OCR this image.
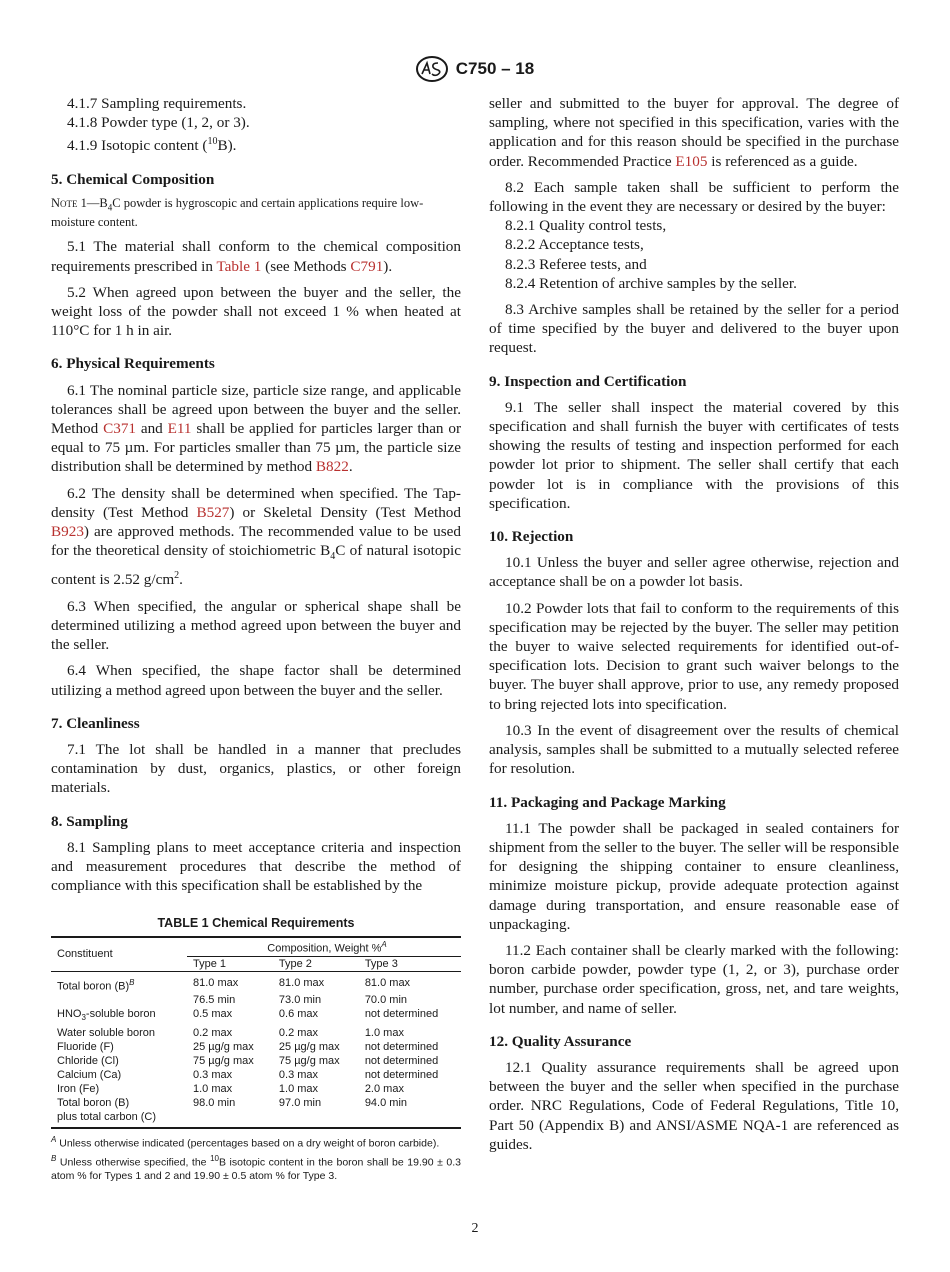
C750 – 18

4.1.7 Sampling requirements.

4.1.8 Powder type (1, 2, or 3).

4.1.9 Isotopic content ($^{10}$B).

5. Chemical Composition

Note $1—B_4C$ powder is hygroscopic and certain applications require low-moisture content.

5.1 The material shall conform to the chemical composition requirements prescribed in Table 1 (see Methods C791).

5.2 When agreed upon between the buyer and the seller, the weight loss of the powder shall not exceed 1 % when heated at 110°C for 1 h in air.

6. Physical Requirements

6.1 The nominal particle size, particle size range, and applicable tolerances shall be agreed upon between the buyer and the seller. Method C371 and E11 shall be applied for particles larger than or equal to 75 µm. For particles smaller than 75 µm, the particle size distribution shall be determined by method B822.

6.2 The density shall be determined when specified. The Tap-density (Test Method B527) or Skeletal Density (Test Method B923) are approved methods. The recommended value to be used for the theoretical density of stoichiometric $B_4C$ of natural isotopic content is 2.52 $g/cm^2$.

6.3 When specified, the angular or spherical shape shall be determined utilizing a method agreed upon between the buyer and the seller.

6.4 When specified, the shape factor shall be determined utilizing a method agreed upon between the buyer and the seller.

7. Cleanliness

7.1 The lot shall be handled in a manner that precludes contamination by dust, organics, plastics, or other foreign materials.

8. Sampling

8.1 Sampling plans to meet acceptance criteria and inspection and measurement procedures that describe the method of compliance with this specification shall be established by the

TABLE 1 Chemical Requirements
Constituent	Composition, Weight %$^A$
	Type 1	Type 2	Type 3
Total boron $(B)^B$	81.0 max	81.0 max	81.0 max
	76.5 min	73.0 min	70.0 min
$HNO_3$-soluble boron	0.5 max	0.6 max	not determined
Water soluble boron	0.2 max	0.2 max	1.0 max
Fluoride (F)	25 µg/g max	25 µg/g max	not determined
Chloride (Cl)	75 µg/g max	75 µg/g max	not determined
Calcium (Ca)	0.3 max	0.3 max	not determined
Iron (Fe)	1.0 max	1.0 max	2.0 max
Total boron (B)	98.0 min	97.0 min	94.0 min
plus total carbon (C)			
$^A$ Unless otherwise indicated (percentages based on a dry weight of boron carbide).
$^B$ Unless otherwise specified, the $^{10}$B isotopic content in the boron shall be 19.90 ± 0.3 atom % for Types 1 and 2 and 19.90 ± 0.5 atom % for Type 3.

seller and submitted to the buyer for approval. The degree of sampling, where not specified in this specification, varies with the application and for this reason should be specified in the purchase order. Recommended Practice E105 is referenced as a guide.

8.2 Each sample taken shall be sufficient to perform the following in the event they are necessary or desired by the buyer:

8.2.1 Quality control tests,

8.2.2 Acceptance tests,

8.2.3 Referee tests, and

8.2.4 Retention of archive samples by the seller.

8.3 Archive samples shall be retained by the seller for a period of time specified by the buyer and delivered to the buyer upon request.

9. Inspection and Certification

9.1 The seller shall inspect the material covered by this specification and shall furnish the buyer with certificates of tests showing the results of testing and inspection performed for each powder lot prior to shipment. The seller shall certify that each powder lot is in compliance with the provisions of this specification.

10. Rejection

10.1 Unless the buyer and seller agree otherwise, rejection and acceptance shall be on a powder lot basis.

10.2 Powder lots that fail to conform to the requirements of this specification may be rejected by the buyer. The seller may petition the buyer to waive selected requirements for identified out-of-specification lots. Decision to grant such waiver belongs to the buyer. The buyer shall approve, prior to use, any remedy proposed to bring rejected lots into specification.

10.3 In the event of disagreement over the results of chemical analysis, samples shall be submitted to a mutually selected referee for resolution.

11. Packaging and Package Marking

11.1 The powder shall be packaged in sealed containers for shipment from the seller to the buyer. The seller will be responsible for designing the shipping container to ensure cleanliness, minimize moisture pickup, provide adequate protection against damage during transportation, and ensure reasonable ease of unpackaging.

11.2 Each container shall be clearly marked with the following: boron carbide powder, powder type (1, 2, or 3), purchase order number, purchase order specification, gross, net, and tare weights, lot number, and name of seller.

12. Quality Assurance

12.1 Quality assurance requirements shall be agreed upon between the buyer and the seller when specified in the purchase order. NRC Regulations, Code of Federal Regulations, Title 10, Part 50 (Appendix B) and ANSI/ASME NQA-1 are referenced as guides.

2
